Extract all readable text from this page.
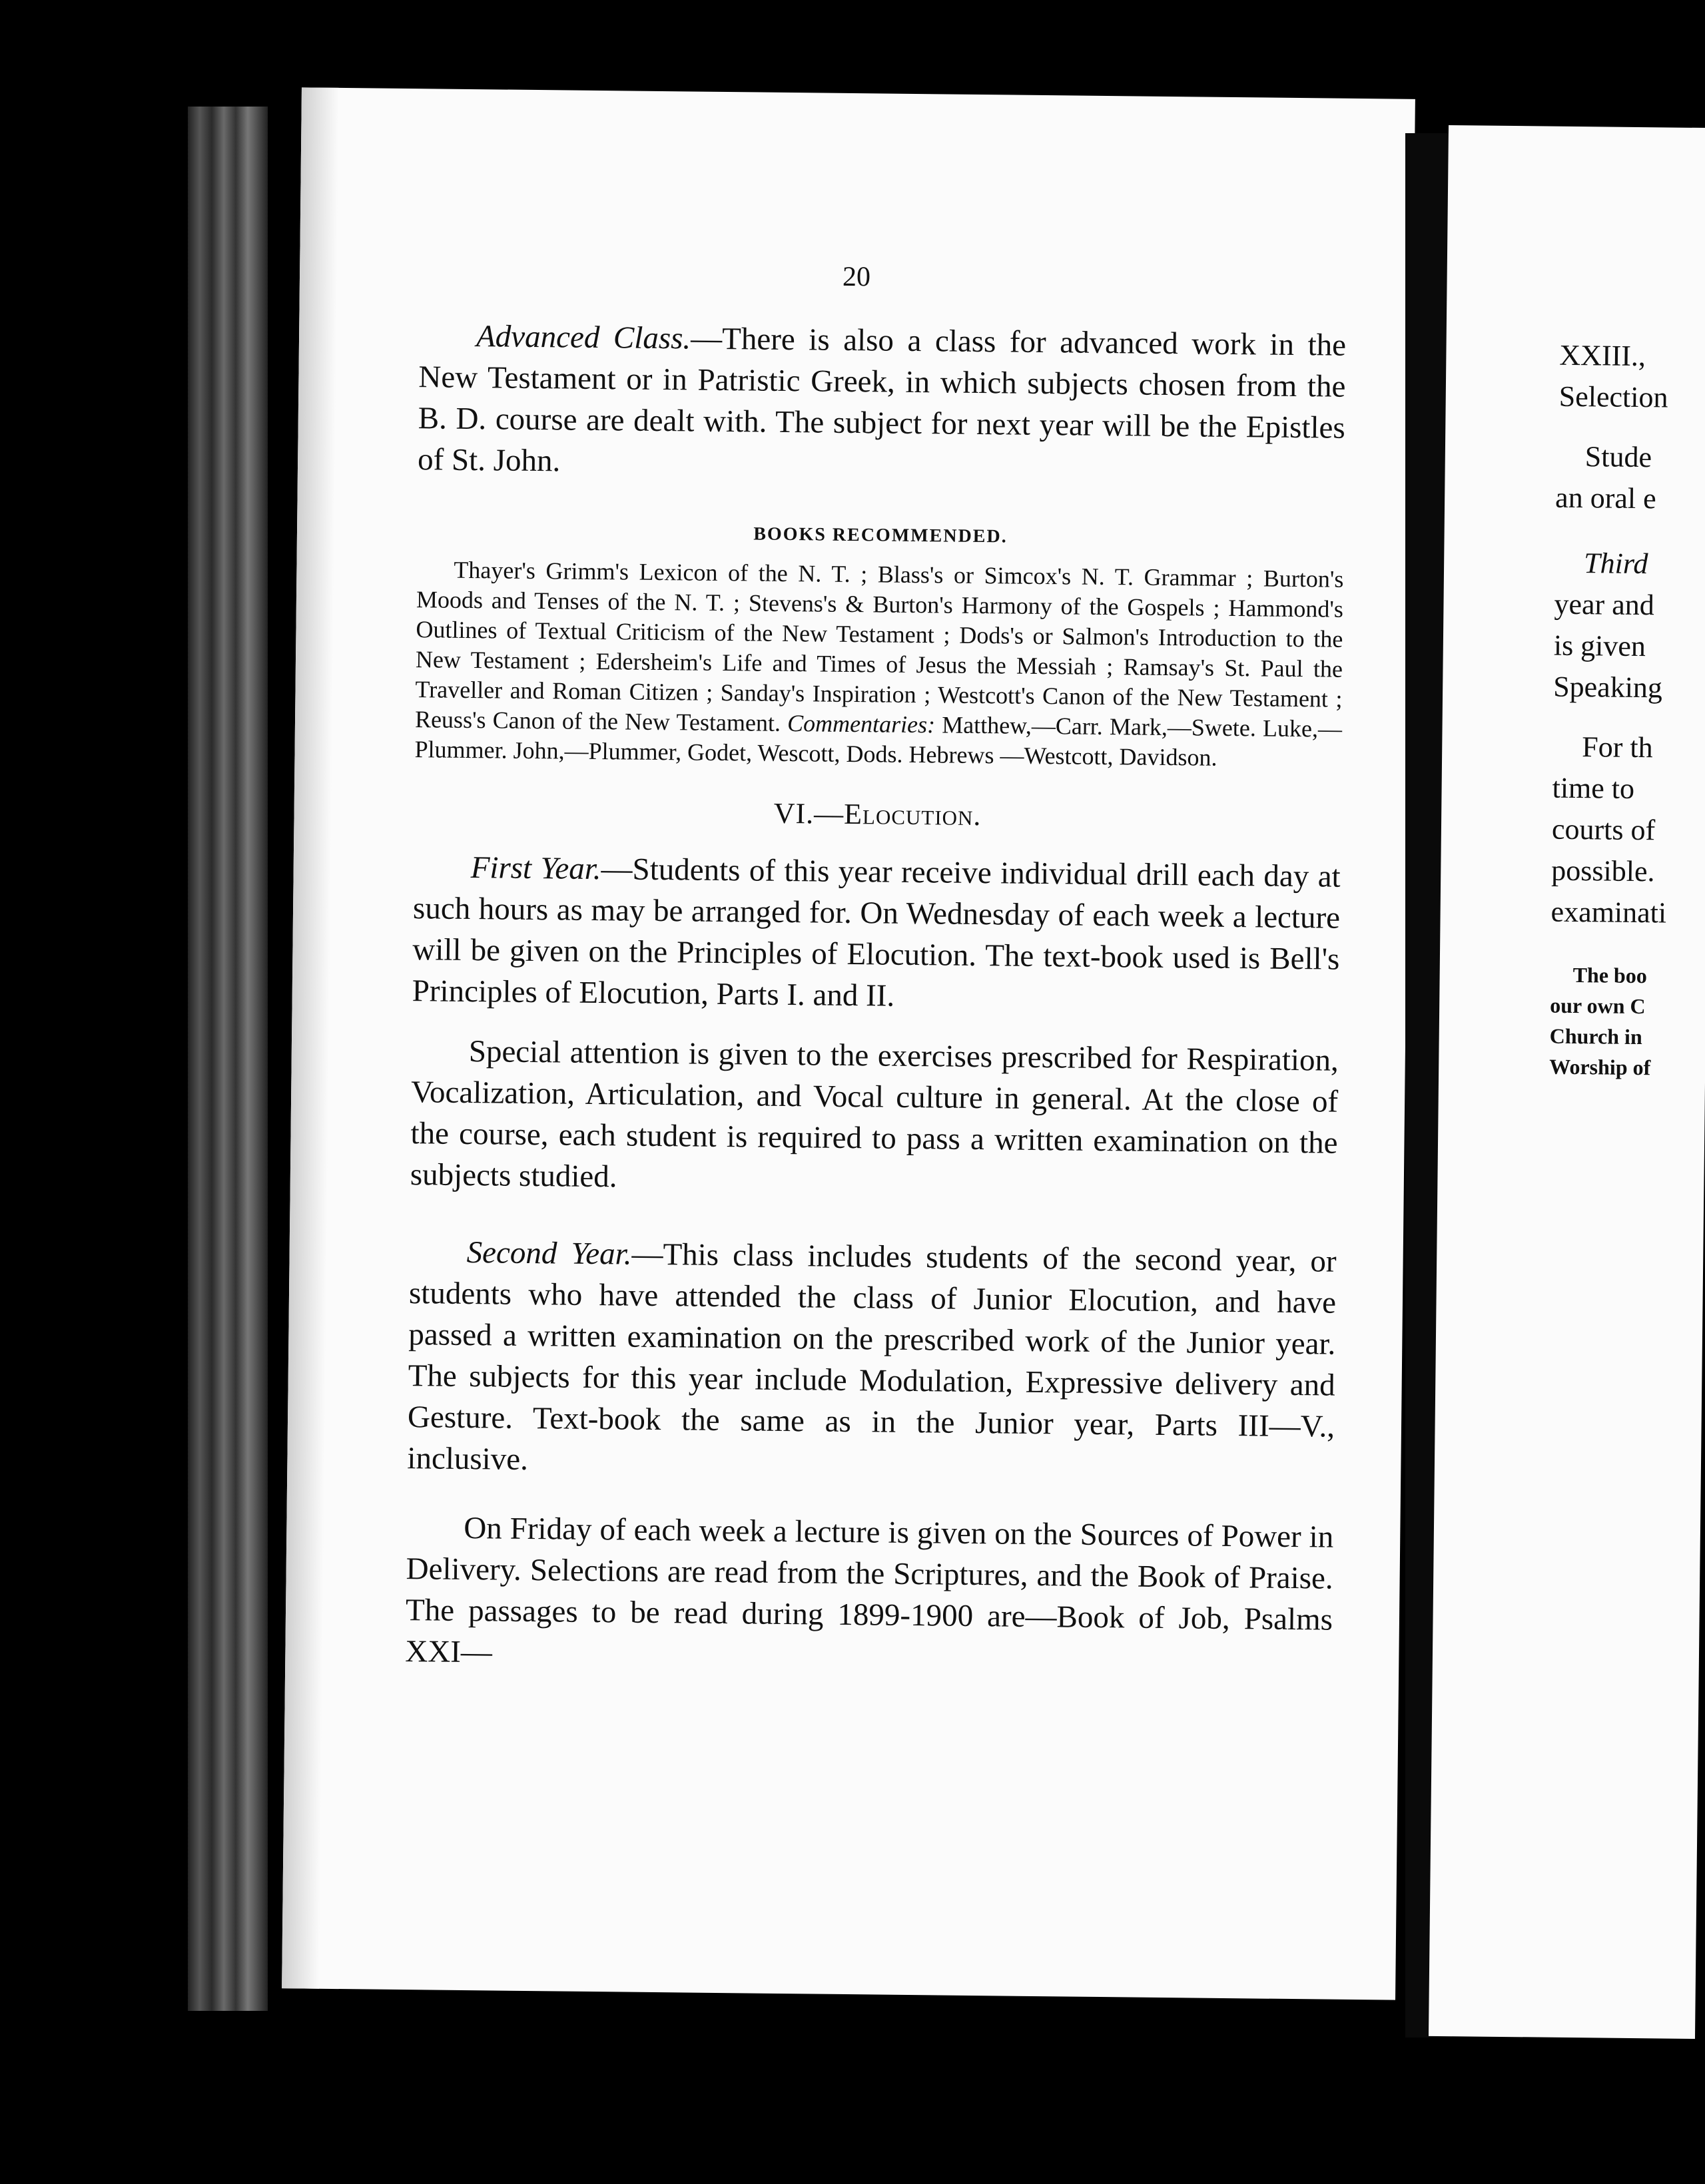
20

Advanced Class.—There is also a class for advanced work in the New Testament or in Patristic Greek, in which subjects chosen from the B. D. course are dealt with. The subject for next year will be the Epistles of St. John.

BOOKS RECOMMENDED.

Thayer's Grimm's Lexicon of the N. T. ; Blass's or Simcox's N. T. Grammar ; Burton's Moods and Tenses of the N. T. ; Stevens's & Burton's Harmony of the Gospels ; Hammond's Outlines of Textual Criticism of the New Testament ; Dods's or Salmon's Introduction to the New Testament ; Edersheim's Life and Times of Jesus the Messiah ; Ramsay's St. Paul the Traveller and Roman Citizen ; Sanday's Inspiration ; Westcott's Canon of the New Testament ; Reuss's Canon of the New Testament. Commentaries: Matthew,—Carr. Mark,—Swete. Luke,—Plummer. John,—Plummer, Godet, Wescott, Dods. Hebrews —Westcott, Davidson.

VI.—Elocution.

First Year.—Students of this year receive individual drill each day at such hours as may be arranged for. On Wednesday of each week a lecture will be given on the Principles of Elocution. The text-book used is Bell's Principles of Elocution, Parts I. and II.

Special attention is given to the exercises prescribed for Respiration, Vocalization, Articulation, and Vocal culture in general. At the close of the course, each student is required to pass a written examination on the subjects studied.

Second Year.—This class includes students of the second year, or students who have attended the class of Junior Elocution, and have passed a written examination on the prescribed work of the Junior year. The subjects for this year include Modulation, Expressive delivery and Gesture. Text-book the same as in the Junior year, Parts III—V., inclusive.

On Friday of each week a lecture is given on the Sources of Power in Delivery. Selections are read from the Scriptures, and the Book of Praise. The passages to be read during 1899-1900 are—Book of Job, Psalms XXI—

XXIII.,
Selection
Stude
an oral e
Third
year and
is given
Speaking
For th
time to
courts of
possible.
examinati
The boo
our own C
Church in
Worship of
